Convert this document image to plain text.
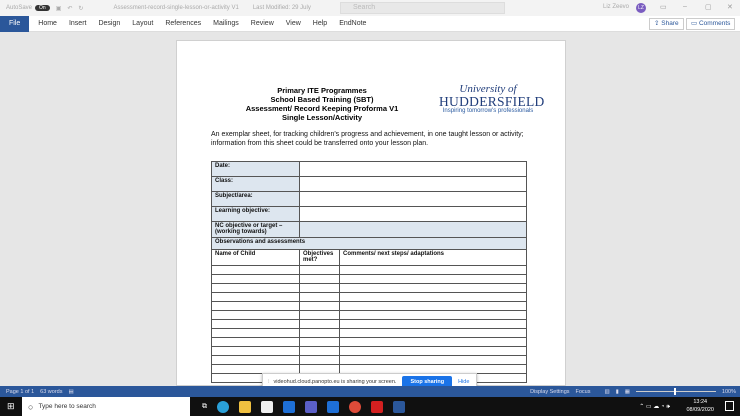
AutoSave	On	▣ ↶ ↻	Assessment-record-single-lesson-or-activity V1 Last Modified: 29 July	Search	Liz Zeevo	LZ ▭ –	▢ ✕
File	Home	Insert	Design	Layout	References	Mailings	Review	View	Help	EndNote	⇪ Share	▭ Comments
Primary ITE Programmes
School Based Training (SBT)
Assessment/ Record Keeping Proforma V1
Single Lesson/Activity
University of
HUDDERSFIELD
Inspiring tomorrow's professionals
An exemplar sheet, for tracking children's progress and achievement, in one taught lesson or activity; information from this sheet could be transferred onto your lesson plan.
Date:		
Class:		
Subject/area:		
Learning objective:		
NC objective or target – (working towards)		
Observations and assessments		
Name of Child	Objectives met?	Comments/ next steps/ adaptations

⁞ videohud.cloud.panopto.eu is sharing your screen.	Stop sharing	Hide
Page 1 of 1 63 words ▤	Display Settings Focus	▥ ▮ ▦	100%
⊞ ○ Type here to search	⧉	⌃ ▭ ☁ ◔ 🕪
13:24
08/09/2020
